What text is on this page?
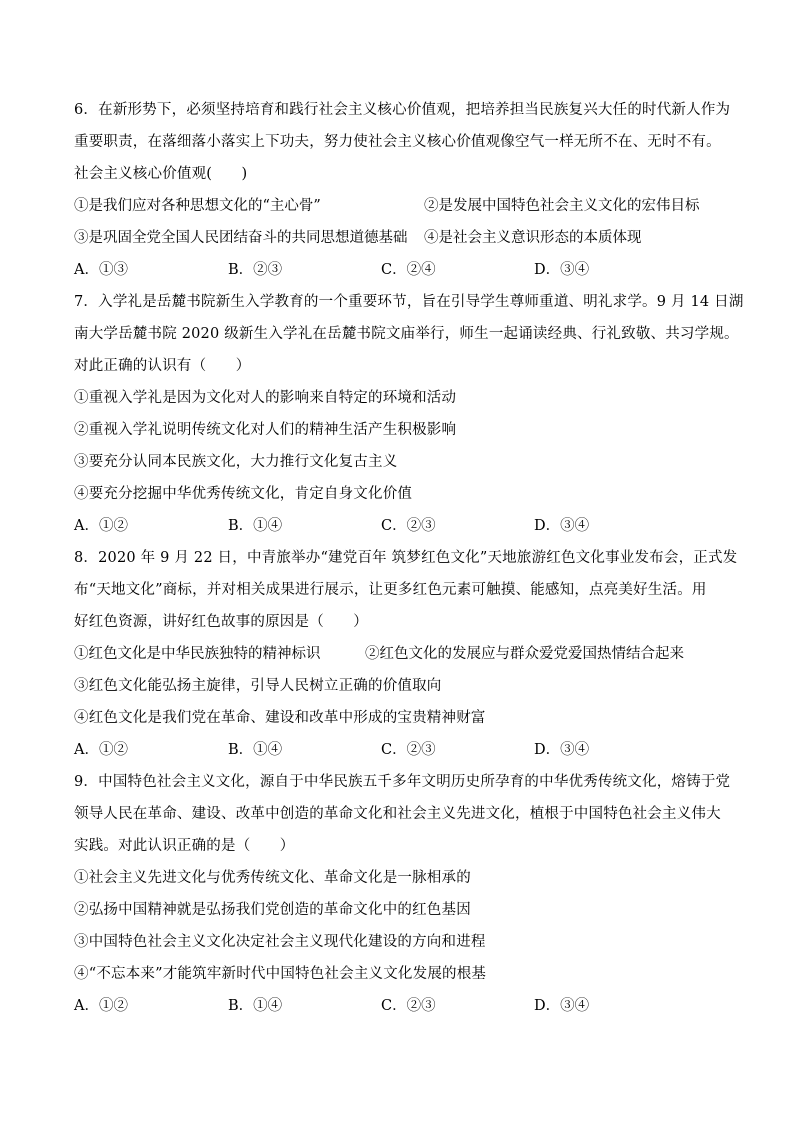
6．在新形势下，必须坚持培育和践行社会主义核心价值观，把培养担当民族复兴大任的时代新人作为
重要职责，在落细落小落实上下功夫，努力使社会主义核心价值观像空气一样无所不在、无时不有。
社会主义核心价值观(　　)
①是我们应对各种思想文化的“主心骨”	②是发展中国特色社会主义文化的宏伟目标
③是巩固全党全国人民团结奋斗的共同思想道德基础 ④是社会主义意识形态的本质体现
A．①③	B．②③	C．②④	D．③④
7．入学礼是岳麓书院新生入学教育的一个重要环节，旨在引导学生尊师重道、明礼求学。9 月 14 日湖
南大学岳麓书院 2020 级新生入学礼在岳麓书院文庙举行，师生一起诵读经典、行礼致敬、共习学规。
对此正确的认识有（　　）
①重视入学礼是因为文化对人的影响来自特定的环境和活动
②重视入学礼说明传统文化对人们的精神生活产生积极影响
③要充分认同本民族文化，大力推行文化复古主义
④要充分挖掘中华优秀传统文化，肯定自身文化价值
A．①②	B．①④	C．②③	D．③④
8．2020 年 9 月 22 日，中青旅举办“建党百年 筑梦红色文化”天地旅游红色文化事业发布会，正式发
布“天地文化”商标，并对相关成果进行展示，让更多红色元素可触摸、能感知，点亮美好生活。用
好红色资源，讲好红色故事的原因是（　　）
①红色文化是中华民族独特的精神标识	②红色文化的发展应与群众爱党爱国热情结合起来
③红色文化能弘扬主旋律，引导人民树立正确的价值取向
④红色文化是我们党在革命、建设和改革中形成的宝贵精神财富
A．①②	B．①④	C．②③	D．③④
9．中国特色社会主义文化，源自于中华民族五千多年文明历史所孕育的中华优秀传统文化，熔铸于党
领导人民在革命、建设、改革中创造的革命文化和社会主义先进文化，植根于中国特色社会主义伟大
实践。对此认识正确的是（　　）
①社会主义先进文化与优秀传统文化、革命文化是一脉相承的
②弘扬中国精神就是弘扬我们党创造的革命文化中的红色基因
③中国特色社会主义文化决定社会主义现代化建设的方向和进程
④“不忘本来”才能筑牢新时代中国特色社会主义文化发展的根基
A．①②	B．①④	C．②③	D．③④
